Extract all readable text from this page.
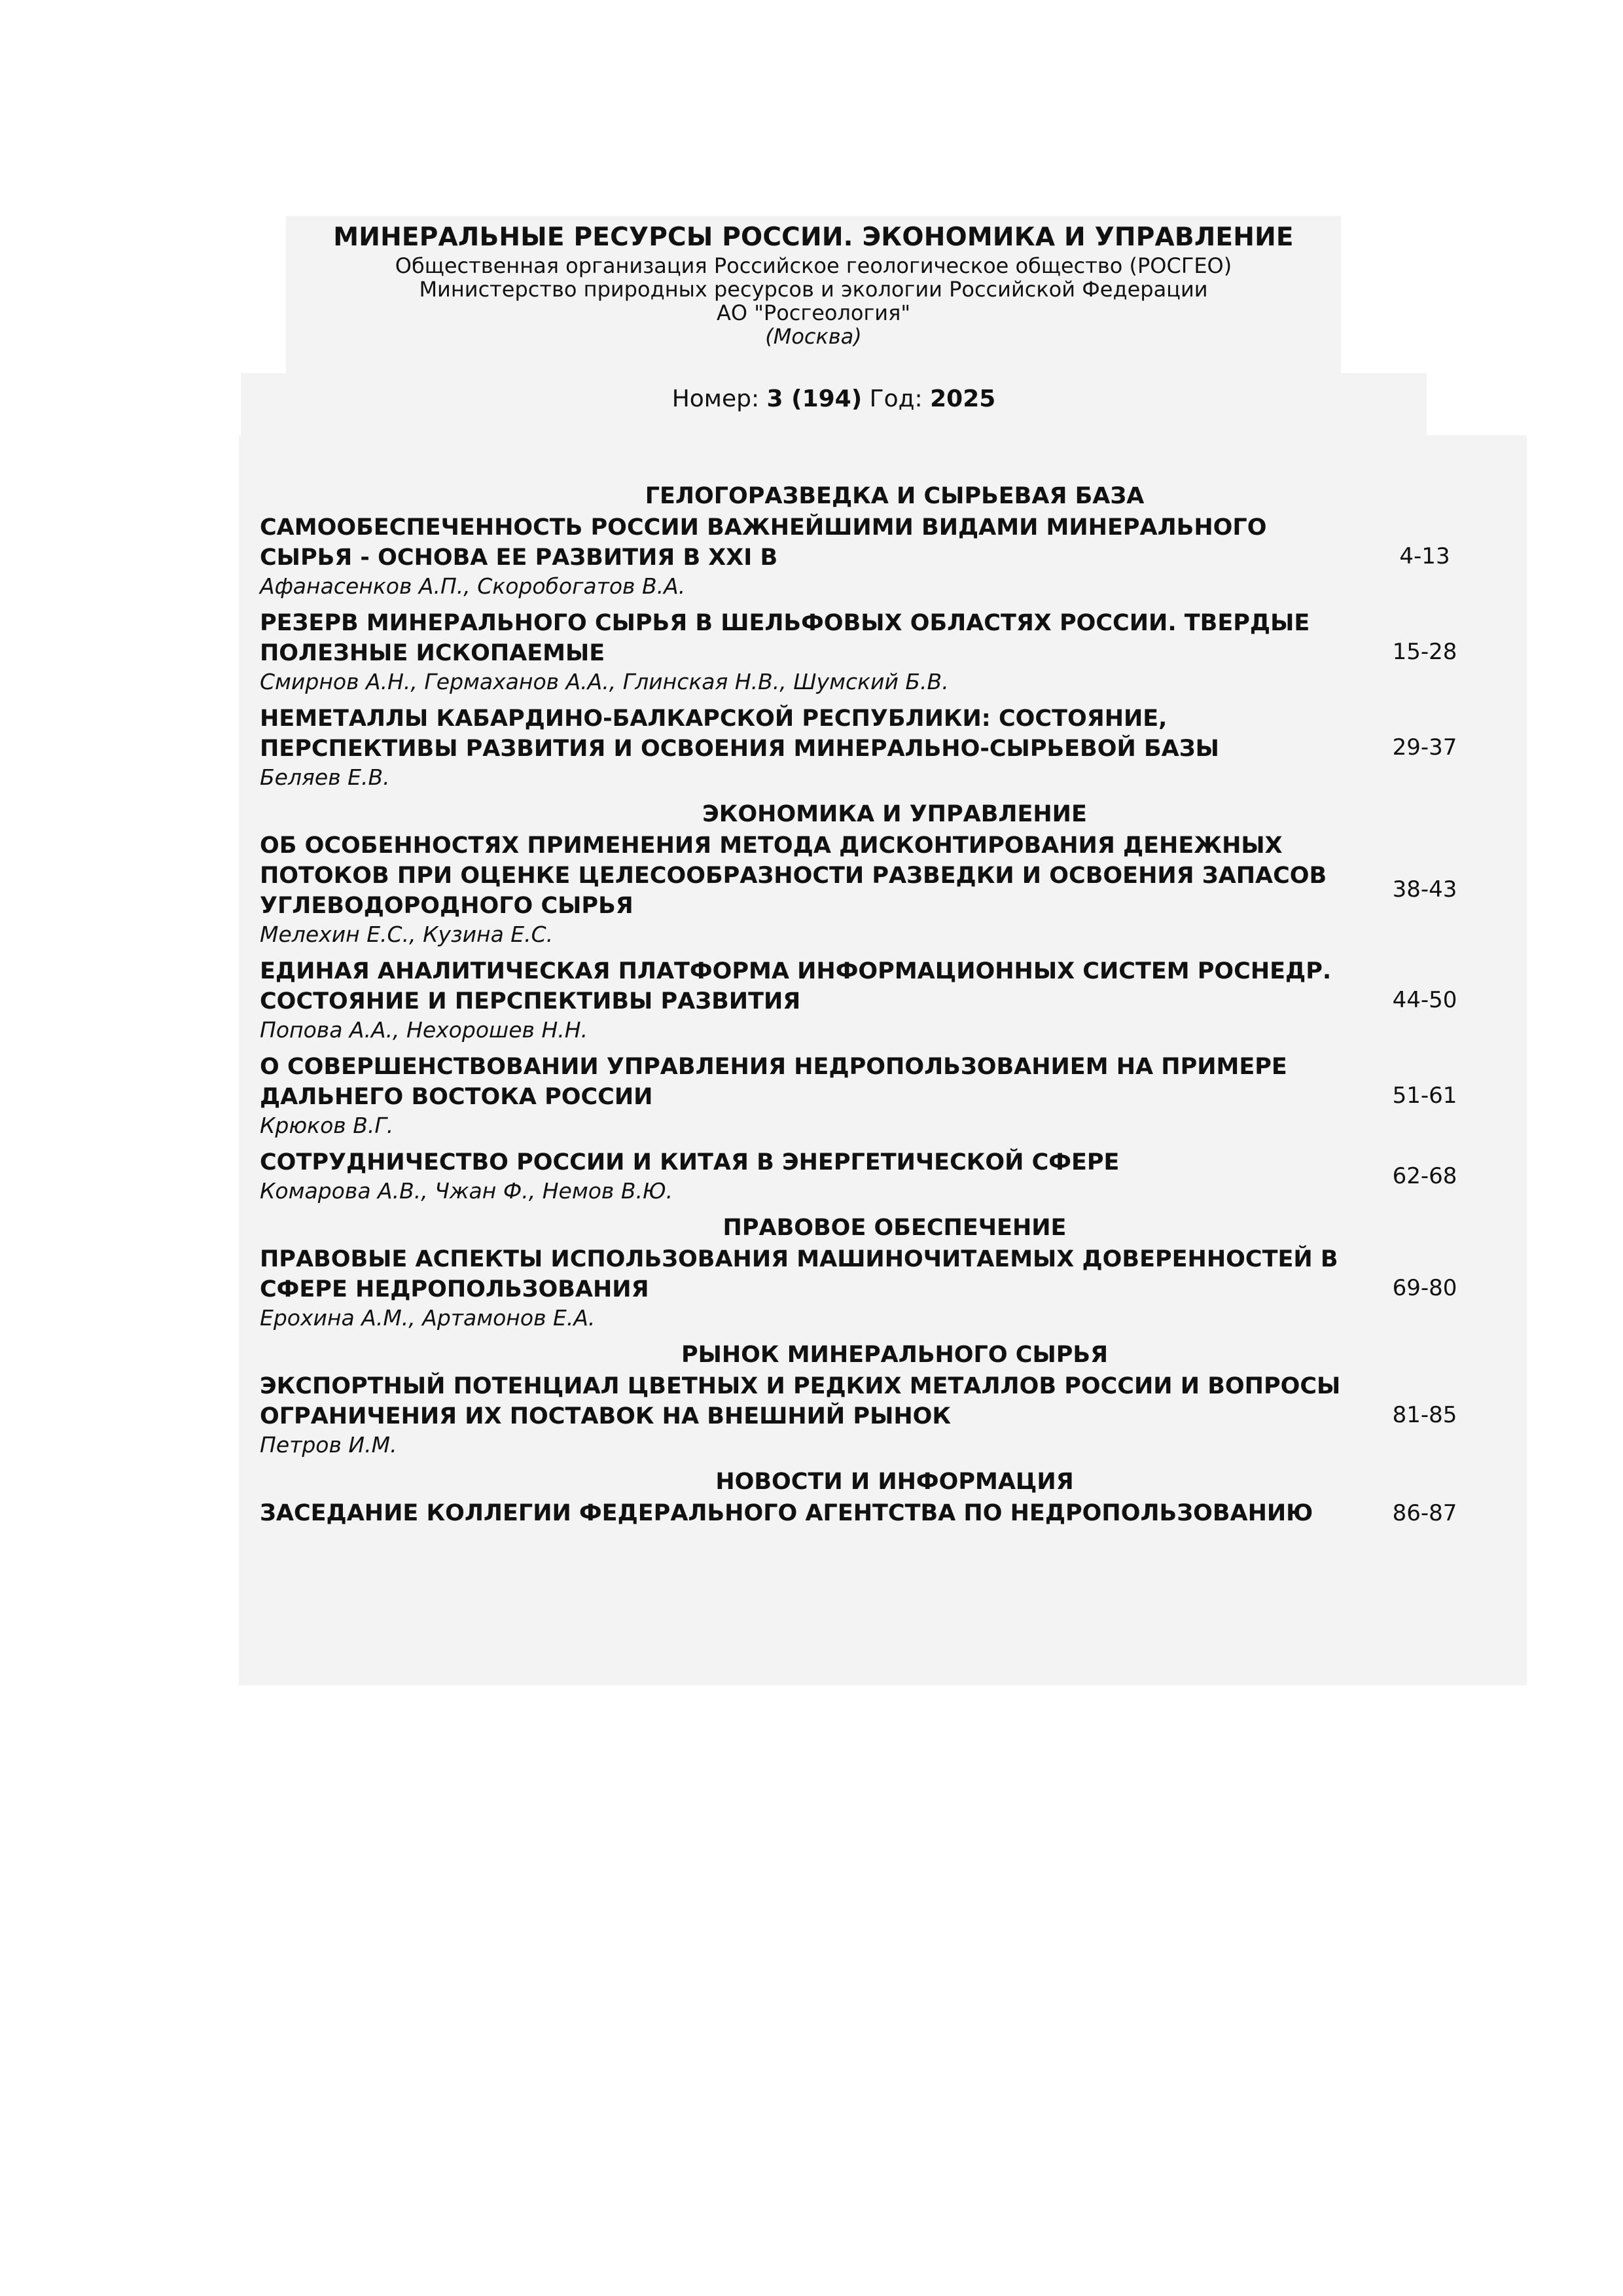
МИНЕРАЛЬНЫЕ РЕСУРСЫ РОССИИ. ЭКОНОМИКА И УПРАВЛЕНИЕ
Общественная организация Российское геологическое общество (РОСГЕО)
Министерство природных ресурсов и экологии Российской Федерации
АО "Росгеология"
(Москва)
Номер: 3 (194) Год: 2025
ГЕЛОГОРАЗВЕДКА И СЫРЬЕВАЯ БАЗА
САМООБЕСПЕЧЕННОСТЬ РОССИИ ВАЖНЕЙШИМИ ВИДАМИ МИНЕРАЛЬНОГО СЫРЬЯ - ОСНОВА ЕЕ РАЗВИТИЯ В XXI В
Афанасенков А.П., Скоробогатов В.А.
4-13
РЕЗЕРВ МИНЕРАЛЬНОГО СЫРЬЯ В ШЕЛЬФОВЫХ ОБЛАСТЯХ РОССИИ. ТВЕРДЫЕ ПОЛЕЗНЫЕ ИСКОПАЕМЫЕ
Смирнов А.Н., Гермаханов А.А., Глинская Н.В., Шумский Б.В.
15-28
НЕМЕТАЛЛЫ КАБАРДИНО-БАЛКАРСКОЙ РЕСПУБЛИКИ: СОСТОЯНИЕ, ПЕРСПЕКТИВЫ РАЗВИТИЯ И ОСВОЕНИЯ МИНЕРАЛЬНО-СЫРЬЕВОЙ БАЗЫ
Беляев Е.В.
29-37
ЭКОНОМИКА И УПРАВЛЕНИЕ
ОБ ОСОБЕННОСТЯХ ПРИМЕНЕНИЯ МЕТОДА ДИСКОНТИРОВАНИЯ ДЕНЕЖНЫХ ПОТОКОВ ПРИ ОЦЕНКЕ ЦЕЛЕСООБРАЗНОСТИ РАЗВЕДКИ И ОСВОЕНИЯ ЗАПАСОВ УГЛЕВОДОРОДНОГО СЫРЬЯ
Мелехин Е.С., Кузина Е.С.
38-43
ЕДИНАЯ АНАЛИТИЧЕСКАЯ ПЛАТФОРМА ИНФОРМАЦИОННЫХ СИСТЕМ РОСНЕДР. СОСТОЯНИЕ И ПЕРСПЕКТИВЫ РАЗВИТИЯ
Попова А.А., Нехорошев Н.Н.
44-50
О СОВЕРШЕНСТВОВАНИИ УПРАВЛЕНИЯ НЕДРОПОЛЬЗОВАНИЕМ НА ПРИМЕРЕ ДАЛЬНЕГО ВОСТОКА РОССИИ
Крюков В.Г.
51-61
СОТРУДНИЧЕСТВО РОССИИ И КИТАЯ В ЭНЕРГЕТИЧЕСКОЙ СФЕРЕ
Комарова А.В., Чжан Ф., Немов В.Ю.
62-68
ПРАВОВОЕ ОБЕСПЕЧЕНИЕ
ПРАВОВЫЕ АСПЕКТЫ ИСПОЛЬЗОВАНИЯ МАШИНОЧИТАЕМЫХ ДОВЕРЕННОСТЕЙ В СФЕРЕ НЕДРОПОЛЬЗОВАНИЯ
Ерохина А.М., Артамонов Е.А.
69-80
РЫНОК МИНЕРАЛЬНОГО СЫРЬЯ
ЭКСПОРТНЫЙ ПОТЕНЦИАЛ ЦВЕТНЫХ И РЕДКИХ МЕТАЛЛОВ РОССИИ И ВОПРОСЫ ОГРАНИЧЕНИЯ ИХ ПОСТАВОК НА ВНЕШНИЙ РЫНОК
Петров И.М.
81-85
НОВОСТИ И ИНФОРМАЦИЯ
ЗАСЕДАНИЕ КОЛЛЕГИИ ФЕДЕРАЛЬНОГО АГЕНТСТВА ПО НЕДРОПОЛЬЗОВАНИЮ	86-87
